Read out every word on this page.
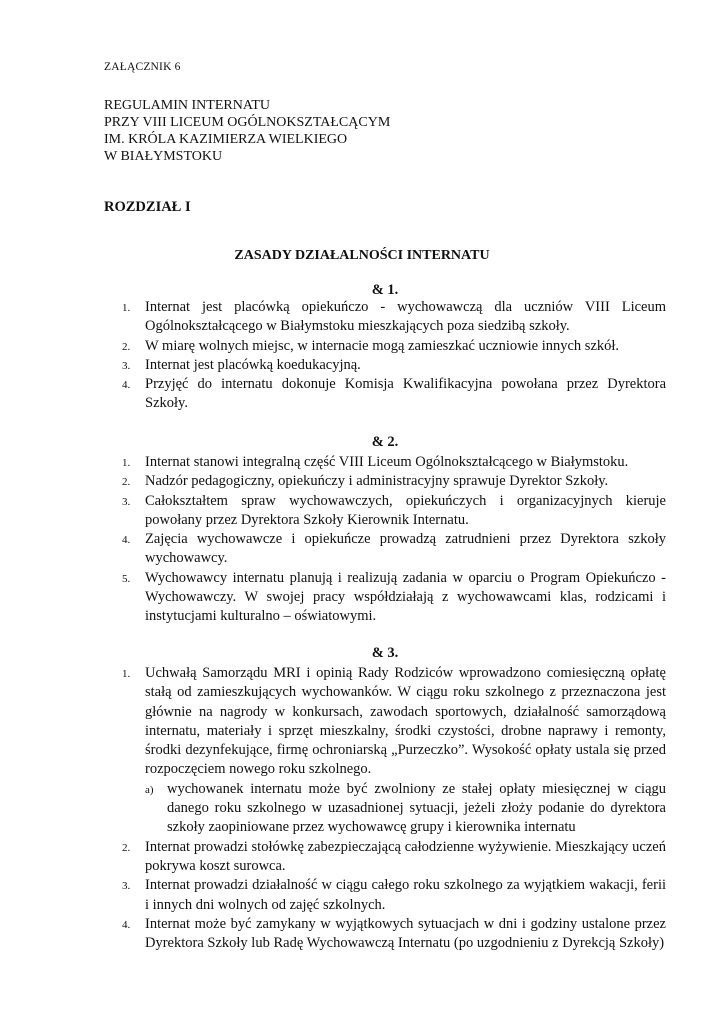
ZAŁĄCZNIK 6
REGULAMIN INTERNATU
PRZY VIII LICEUM OGÓLNOKSZTAŁCĄCYM
IM. KRÓLA KAZIMIERZA WIELKIEGO
W BIAŁYMSTOKU
ROZDZIAŁ I
ZASADY DZIAŁALNOŚCI INTERNATU
& 1.
1. Internat jest placówką opiekuńczo - wychowawczą dla uczniów VIII Liceum Ogólnokształcącego w Białymstoku mieszkających poza siedzibą szkoły.
2. W miarę wolnych miejsc, w internacie mogą zamieszkać uczniowie innych szkół.
3. Internat jest placówką koedukacyjną.
4. Przyjęć do internatu dokonuje Komisja Kwalifikacyjna powołana przez Dyrektora Szkoły.
& 2.
1. Internat stanowi integralną część VIII Liceum Ogólnokształcącego w Białymstoku.
2. Nadzór pedagogiczny, opiekuńczy i administracyjny sprawuje Dyrektor Szkoły.
3. Całokształtem spraw wychowawczych, opiekuńczych i organizacyjnych kieruje powołany przez Dyrektora Szkoły Kierownik Internatu.
4. Zajęcia wychowawcze i opiekuńcze prowadzą zatrudnieni przez Dyrektora szkoły wychowawcy.
5. Wychowawcy internatu planują i realizują zadania w oparciu o Program Opiekuńczo - Wychowawczy. W swojej pracy współdziałają z wychowawcami klas, rodzicami i instytucjami kulturalno – oświatowymi.
& 3.
1. Uchwałą Samorządu MRI i opinią Rady Rodziców wprowadzono comiesięczną opłatę stałą od zamieszkujących wychowanków. W ciągu roku szkolnego z przeznaczona jest głównie na nagrody w konkursach, zawodach sportowych, działalność samorządową internatu, materiały i sprzęt mieszkalny, środki czystości, drobne naprawy i remonty, środki dezynfekujące, firmę ochroniarską „Purzeczko”. Wysokość opłaty ustala się przed rozpoczęciem nowego roku szkolnego.
a) wychowanek internatu może być zwolniony ze stałej opłaty miesięcznej w ciągu danego roku szkolnego w uzasadnionej sytuacji, jeżeli złoży podanie do dyrektora szkoły zaopiniowane przez wychowawcę grupy i kierownika internatu
2. Internat prowadzi stołówkę zabezpieczającą całodzienne wyżywienie. Mieszkający uczeń pokrywa koszt surowca.
3. Internat prowadzi działalność w ciągu całego roku szkolnego za wyjątkiem wakacji, ferii i innych dni wolnych od zajęć szkolnych.
4. Internat może być zamykany w wyjątkowych sytuacjach w dni i godziny ustalone przez Dyrektora Szkoły lub Radę Wychowawczą Internatu (po uzgodnieniu z Dyrekcją Szkoły)
